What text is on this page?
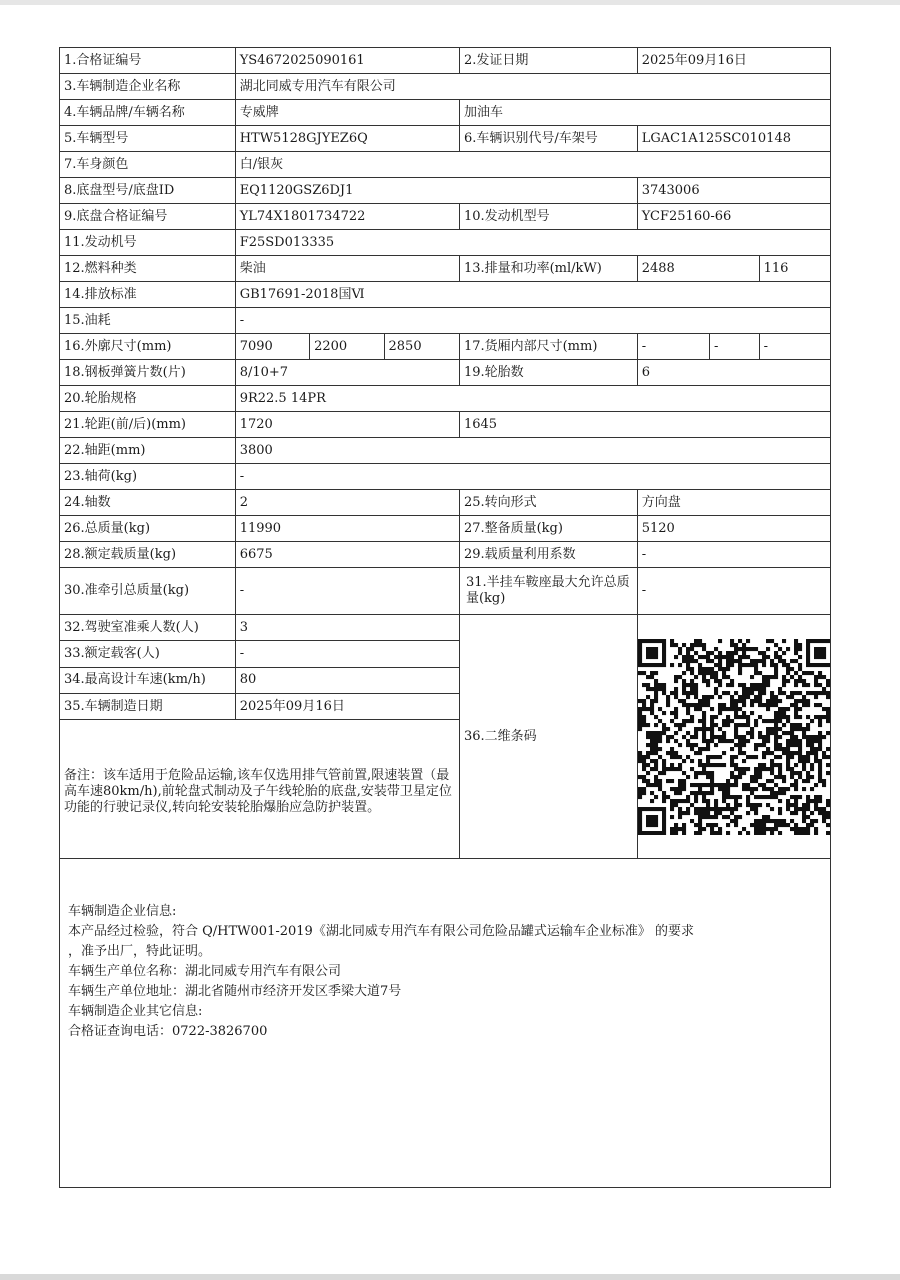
1.合格证编号	YS4672025090161			2.发证日期	2025年09月16日		
3.车辆制造企业名称	湖北同威专用汽车有限公司						
4.车辆品牌/车辆名称	专威牌			加油车			
5.车辆型号	HTW5128GJYEZ6Q			6.车辆识别代号/车架号	LGAC1A125SC010148		
7.车身颜色	白/银灰						
8.底盘型号/底盘ID	EQ1120GSZ6DJ1				3743006		
9.底盘合格证编号	YL74X1801734722			10.发动机型号	YCF25160-66		
11.发动机号	F25SD013335						
12.燃料种类	柴油			13.排量和功率(ml/kW)	2488		116
14.排放标准	GB17691-2018国Ⅵ						
15.油耗	-						
16.外廓尺寸(mm)	7090	2200	2850	17.货厢内部尺寸(mm)	-	-	-
18.钢板弹簧片数(片)	8/10+7			19.轮胎数	6		
20.轮胎规格	9R22.5 14PR						
21.轮距(前/后)(mm)	1720			1645			
22.轴距(mm)	3800						
23.轴荷(kg)	-						
24.轴数	2			25.转向形式	方向盘		
26.总质量(kg)	11990			27.整备质量(kg)	5120		
28.额定载质量(kg)	6675			29.载质量利用系数	-		
30.准牵引总质量(kg)	-			31.半挂车鞍座最大允许总质量(kg)	-		
32.驾驶室准乘人数(人)	3			36.二维条码	

33.额定载客(人)	-						
34.最高设计车速(km/h)	80						
35.车辆制造日期	2025年09月16日						
备注：该车适用于危险品运输,该车仅选用排气管前置,限速装置（最高车速80km/h),前轮盘式制动及子午线轮胎的底盘,安装带卫星定位功能的行驶记录仪,转向轮安装轮胎爆胎应急防护装置。							
车辆制造企业信息:
本产品经过检验，符合 Q/HTW001-2019《湖北同威专用汽车有限公司危险品罐式运输车企业标准》 的要求
，准予出厂，特此证明。
车辆生产单位名称：湖北同威专用汽车有限公司
车辆生产单位地址：湖北省随州市经济开发区季梁大道7号
车辆制造企业其它信息:
合格证查询电话：0722-3826700
